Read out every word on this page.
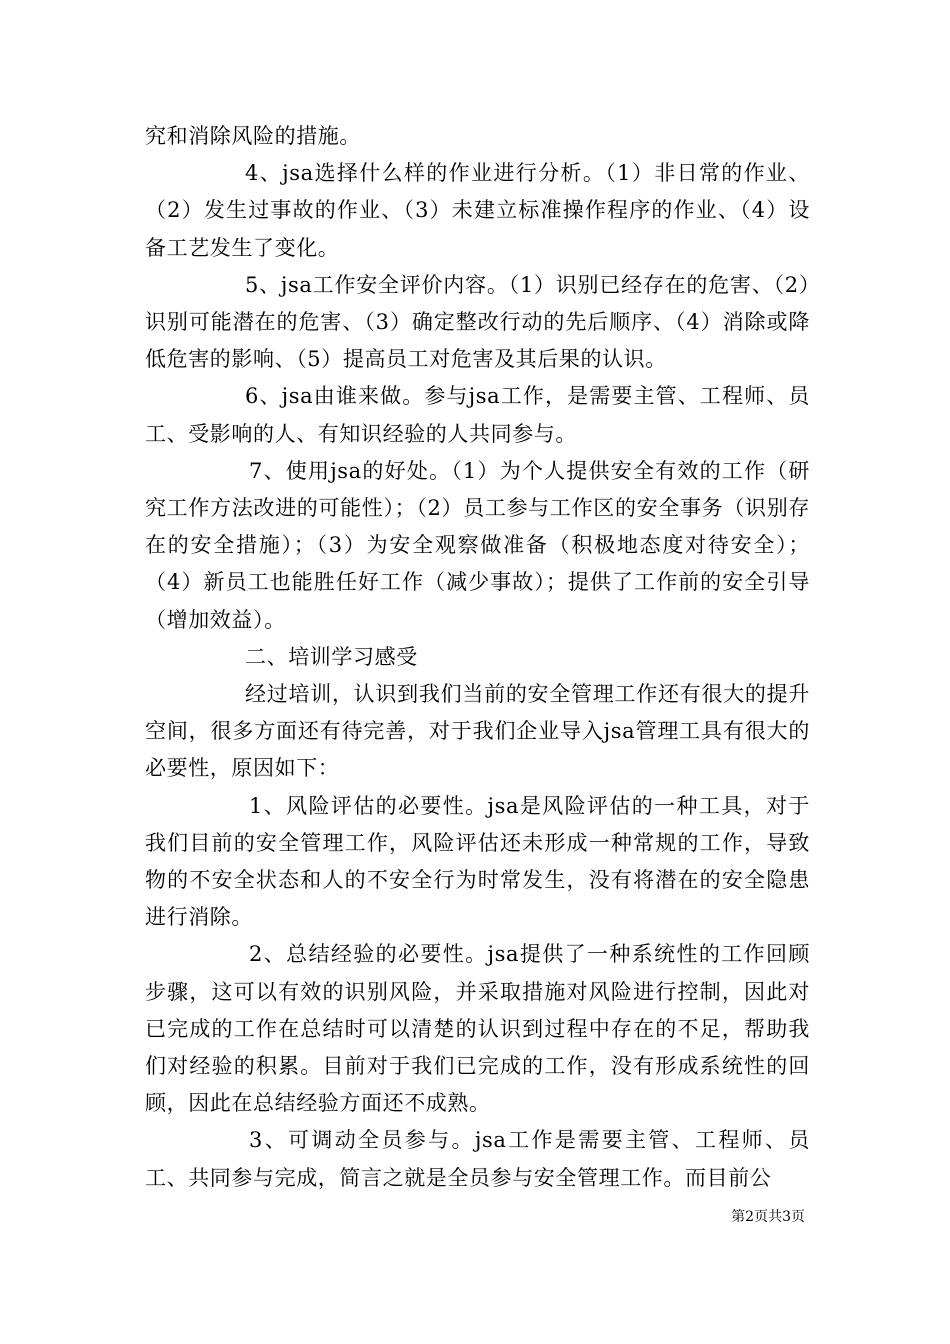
究和消除风险的措施。

4、jsa选择什么样的作业进行分析。（1）非日常的作业、（2）发生过事故的作业、（3）未建立标准操作程序的作业、（4）设备工艺发生了变化。

5、jsa工作安全评价内容。（1）识别已经存在的危害、（2）识别可能潜在的危害、（3）确定整改行动的先后顺序、（4）消除或降低危害的影响、（5）提高员工对危害及其后果的认识。

6、jsa由谁来做。参与jsa工作，是需要主管、工程师、员工、受影响的人、有知识经验的人共同参与。

7、使用jsa的好处。（1）为个人提供安全有效的工作（研究工作方法改进的可能性）；（2）员工参与工作区的安全事务（识别存在的安全措施）；（3）为安全观察做准备（积极地态度对待安全）；（4）新员工也能胜任好工作（减少事故）；提供了工作前的安全引导（增加效益）。

二、培训学习感受

经过培训，认识到我们当前的安全管理工作还有很大的提升空间，很多方面还有待完善，对于我们企业导入jsa管理工具有很大的必要性，原因如下：

1、风险评估的必要性。jsa是风险评估的一种工具，对于我们目前的安全管理工作，风险评估还未形成一种常规的工作，导致物的不安全状态和人的不安全行为时常发生，没有将潜在的安全隐患进行消除。

2、总结经验的必要性。jsa提供了一种系统性的工作回顾步骤，这可以有效的识别风险，并采取措施对风险进行控制，因此对已完成的工作在总结时可以清楚的认识到过程中存在的不足，帮助我们对经验的积累。目前对于我们已完成的工作，没有形成系统性的回顾，因此在总结经验方面还不成熟。

3、可调动全员参与。jsa工作是需要主管、工程师、员工、共同参与完成，简言之就是全员参与安全管理工作。而目前公

第2页共3页
